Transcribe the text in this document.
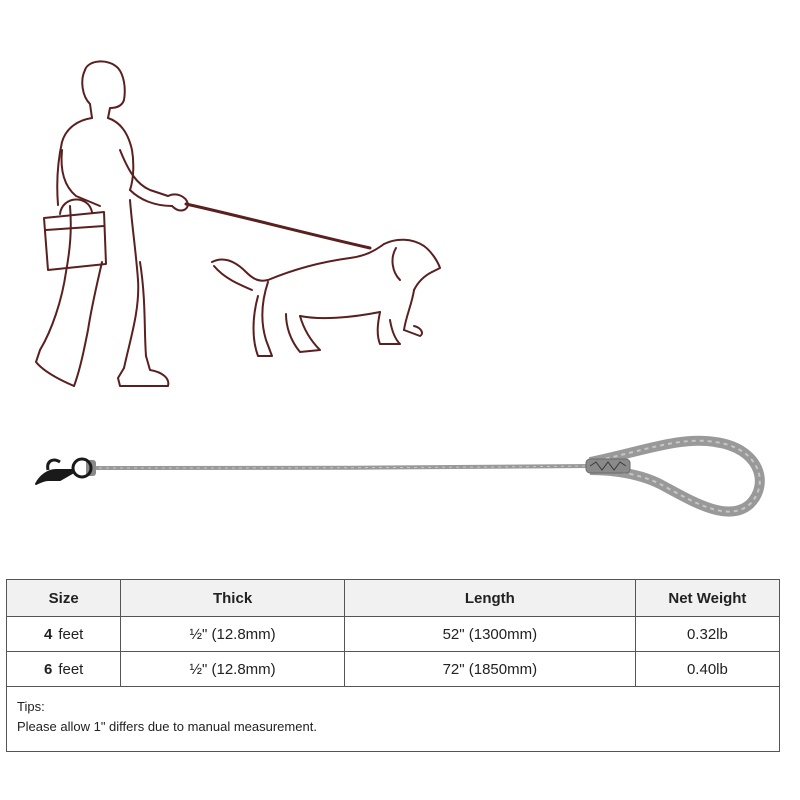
Size	Thick	Length	Net Weight
4 feet	½" (12.8mm)	52" (1300mm)	0.32lb
6 feet	½" (12.8mm)	72" (1850mm)	0.40lb

Tips:
Please allow 1" differs due to manual measurement.			
